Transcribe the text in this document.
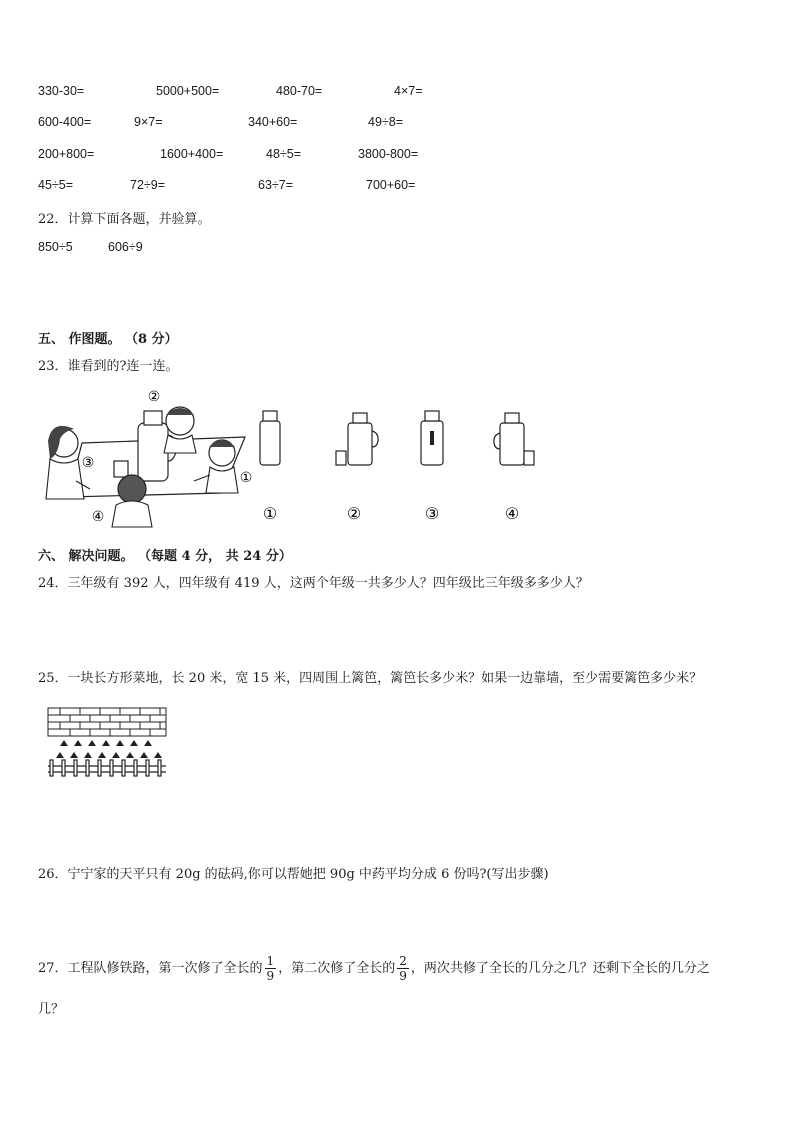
330-30=	5000+500=	480-70=	4×7=
600-400=	9×7=	340+60=	49÷8=
200+800=	1600+400=	48÷5=	3800-800=
45÷5=	72÷9=	63÷7=	700+60=
22．计算下面各题，并验算。
850÷5	606÷9
五、 作图题。 （8 分）
23．谁看到的?连一连。
②
③
①
④	①	②	③	④
六、 解决问题。 （每题 4 分， 共 24 分）
24．三年级有 392 人，四年级有 419 人，这两个年级一共多少人？四年级比三年级多多少人？
25．一块长方形菜地，长 20 米，宽 15 米，四周围上篱笆，篱笆长多少米？如果一边靠墙，至少需要篱笆多少米？
26．宁宁家的天平只有 20g 的砝码,你可以帮她把 90g 中药平均分成 6 份吗?(写出步骤)
27．工程队修铁路，第一次修了全长的 $\frac{1}{9}$ ，第二次修了全长的 $\frac{2}{9}$ ，两次共修了全长的几分之几？还剩下全长的几分之
几？
